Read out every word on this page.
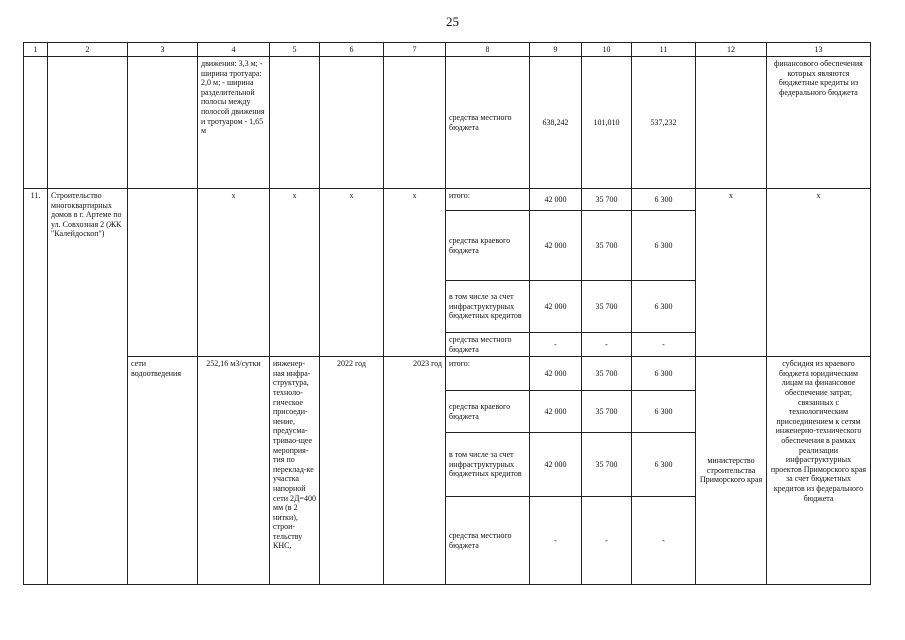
25
1	2	3	4	5	6	7	8	9	10	11	12	13
			движения: 3,3 м; - ширина тротуара: 2,0 м; - ширина разделительной полосы между полосой движения и тротуаром - 1,65 м				средства местного бюджета	638,242	101,010	537,232		финансового обеспечения которых являются бюджетные кредиты из федерального бюджета
11.	Строительство многоквартирных домов в г. Артеме по ул. Совхозная 2 (ЖК "Калейдоскоп")		х	х	х	х	итого:	42 000	35 700	6 300	х	х
							средства краевого бюджета	42 000	35 700	6 300		
							в том числе за счет инфраструктурных бюджетных кредитов	42 000	35 700	6 300		
							средства местного бюджета	-	-	-		
		сети водоотведения	252,16 м3/сутки	инженер-ная инфра-структура, техноло-гическое присоеди-нение, предусма-тривао-щее мероприя-тия по переклад-ке участка напорной сети 2Д=400 мм (в 2 нитки), строи-тельству КНС,	2022 год	2023 год	итого:	42 000	35 700	6 300	министерство строительства Приморского края	субсидия из краевого бюджета юридическим лицам на финансовое обеспечение затрат, связанных с технологическим присоединением к сетям инженерно-технического обеспечения в рамках реализации инфраструктурных проектов Приморского края за счет бюджетных кредитов из федерального бюджета
							средства краевого бюджета	42 000	35 700	6 300		
							в том числе за счет инфраструктурных бюджетных кредитов	42 000	35 700	6 300		
							средства местного бюджета	-	-	-		
